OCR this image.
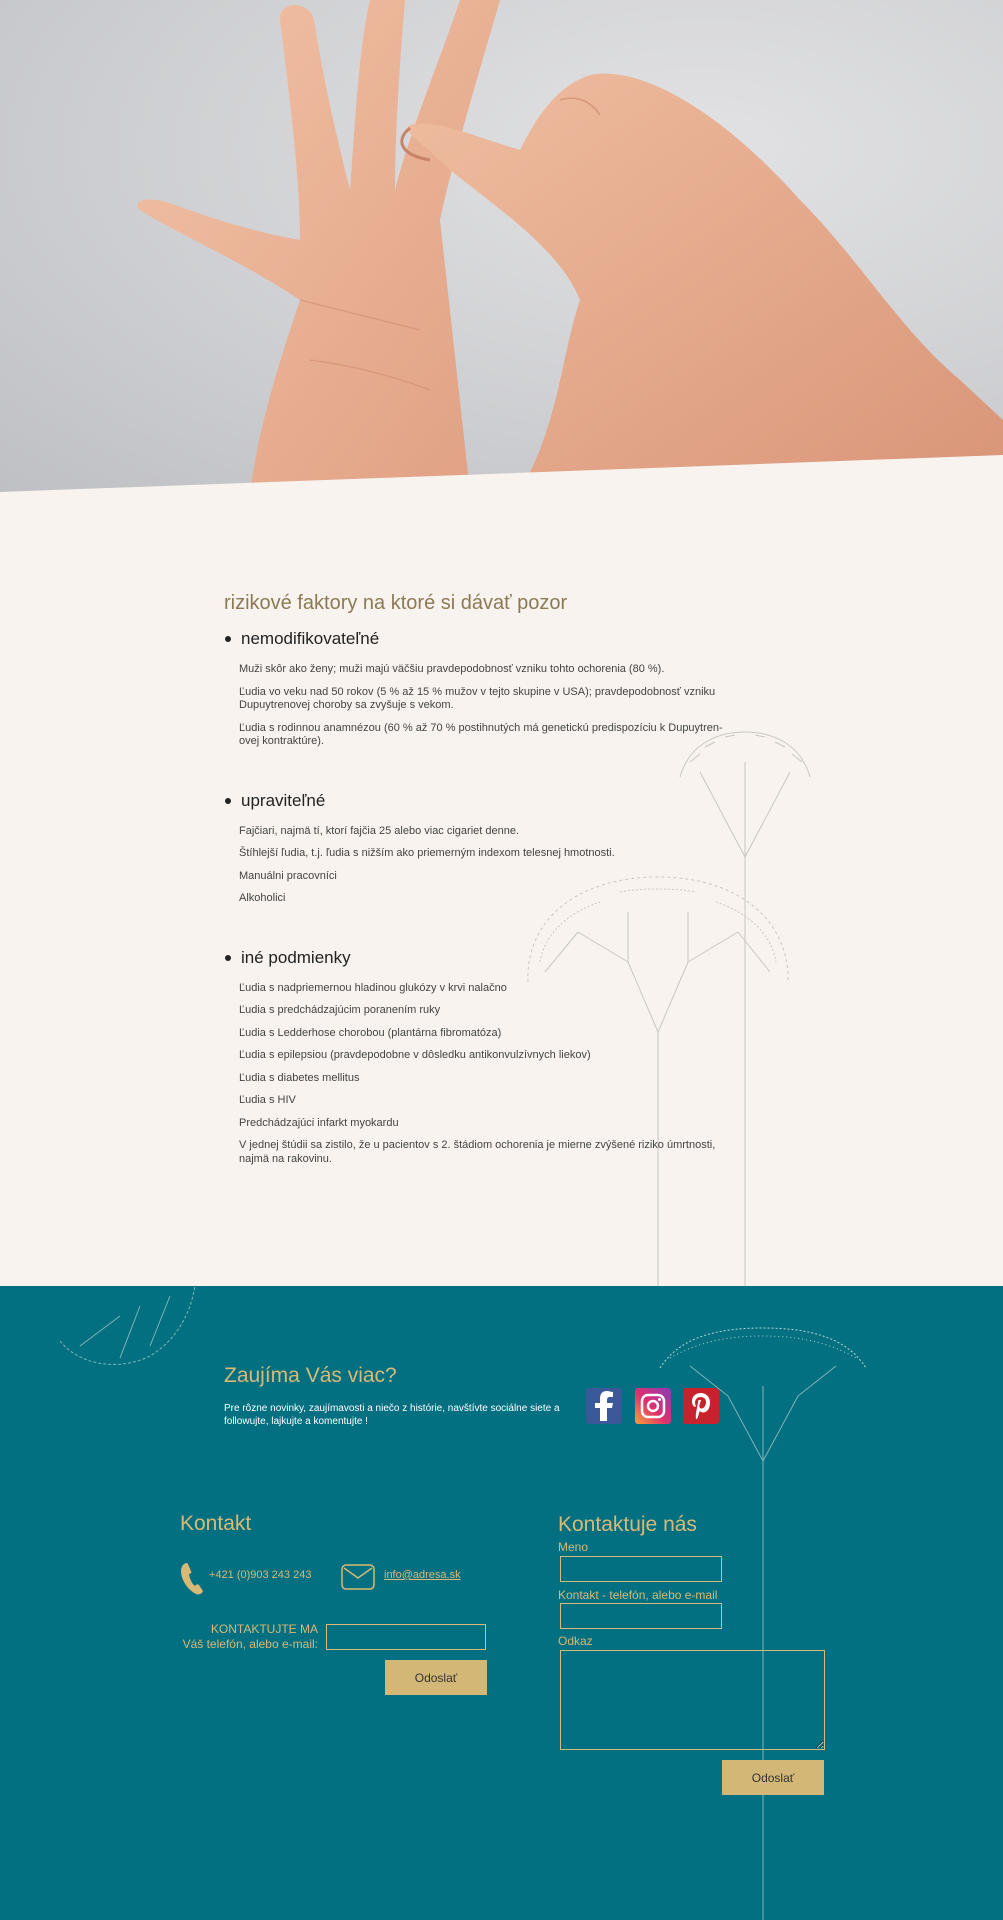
rizikové faktory na ktoré si dávať pozor
nemodifikovateľné

Muži skôr ako ženy; muži majú väčšiu pravdepodobnosť vzniku tohto ochorenia (80 %).

Ľudia vo veku nad 50 rokov (5 % až 15 % mužov v tejto skupine v USA); pravdepodobnosť vzniku Dupuytrenovej choroby sa zvyšuje s vekom.

Ľudia s rodinnou anamnézou (60 % až 70 % postihnutých má genetickú predispozíciu k Dupuytren-ovej kontraktúre).

upraviteľné

Fajčiari, najmä tí, ktorí fajčia 25 alebo viac cigariet denne.

Štíhlejší ľudia, t.j. ľudia s nižším ako priemerným indexom telesnej hmotnosti.

Manuálni pracovníci

Alkoholici

iné podmienky

Ľudia s nadpriemernou hladinou glukózy v krvi nalačno

Ľudia s predchádzajúcim poranením ruky

Ľudia s Ledderhose chorobou (plantárna fibromatóza)

Ľudia s epilepsiou (pravdepodobne v dôsledku antikonvulzívnych liekov)

Ľudia s diabetes mellitus

Ľudia s HIV

Predchádzajúci infarkt myokardu

V jednej štúdii sa zistilo, že u pacientov s 2. štádiom ochorenia je mierne zvýšené riziko úmrtnosti, najmä na rakovinu.

Zaujíma Vás viac?
Pre rôzne novinky, zaujímavosti a niečo z histórie, navštívte sociálne siete a followujte, lajkujte a komentujte !
Kontakt
+421 (0)903 243 243	info@adresa.sk
KONTAKTUJTE MA
Váš telefón, alebo e-mail:
Odoslať
Kontaktuje nás
Meno
Kontakt - telefón, alebo e-mail
Odkaz
Odoslať
